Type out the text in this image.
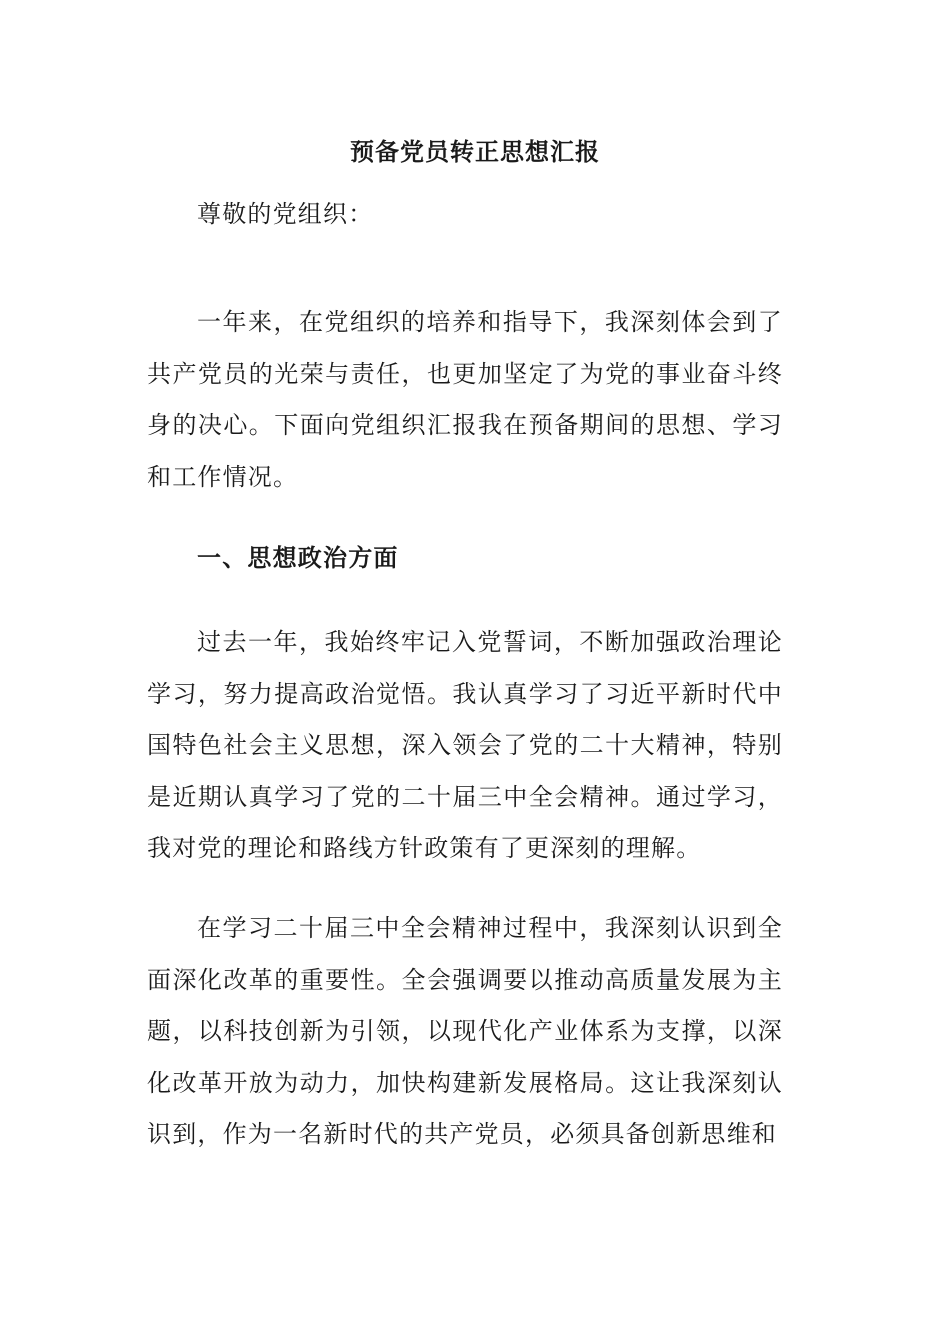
预备党员转正思想汇报

尊敬的党组织：

一年来，在党组织的培养和指导下，我深刻体会到了共产党员的光荣与责任，也更加坚定了为党的事业奋斗终身的决心。下面向党组织汇报我在预备期间的思想、学习和工作情况。

一、思想政治方面

过去一年，我始终牢记入党誓词，不断加强政治理论学习，努力提高政治觉悟。我认真学习了习近平新时代中国特色社会主义思想，深入领会了党的二十大精神，特别是近期认真学习了党的二十届三中全会精神。通过学习，我对党的理论和路线方针政策有了更深刻的理解。

在学习二十届三中全会精神过程中，我深刻认识到全面深化改革的重要性。全会强调要以推动高质量发展为主题，以科技创新为引领，以现代化产业体系为支撑，以深化改革开放为动力，加快构建新发展格局。这让我深刻认识到，作为一名新时代的共产党员，必须具备创新思维和
